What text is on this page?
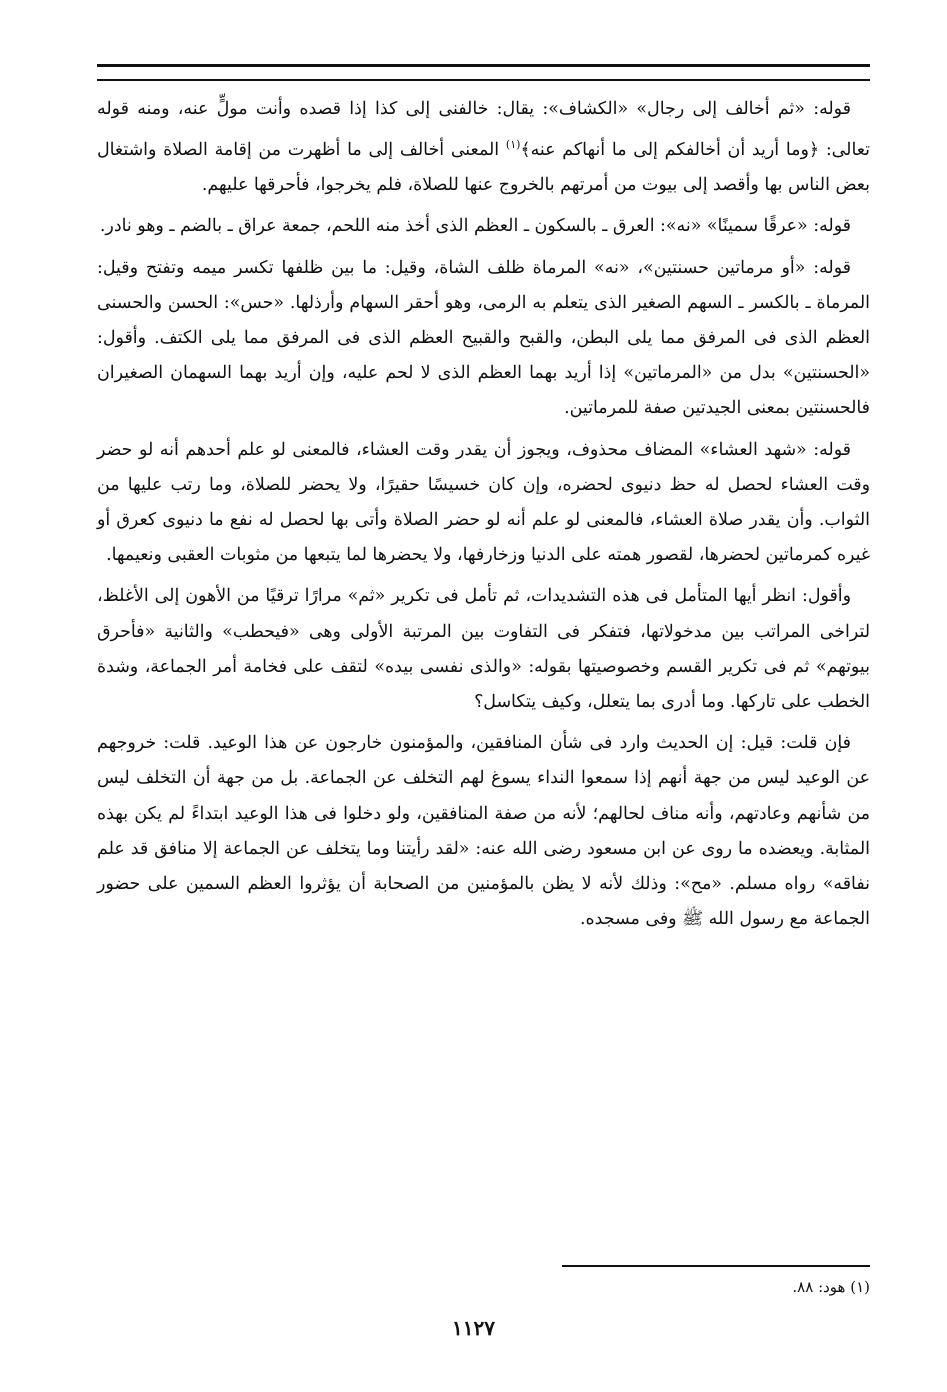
قوله: «ثم أخالف إلى رجال» «الكشاف»: يقال: خالفنى إلى كذا إذا قصده وأنت مولٍّ عنه، ومنه قوله تعالى: ﴿وما أريد أن أخالفكم إلى ما أنهاكم عنه﴾$^{(١)}$ المعنى أخالف إلى ما أظهرت من إقامة الصلاة واشتغال بعض الناس بها وأقصد إلى بيوت من أمرتهم بالخروج عنها للصلاة، فلم يخرجوا، فأحرقها عليهم.

قوله: «عرقًا سمينًا» «نه»: العرق ـ بالسكون ـ العظم الذى أخذ منه اللحم، جمعة عراق ـ بالضم ـ وهو نادر.

قوله: «أو مرماتين حسنتين»، «نه» المرماة ظلف الشاة، وقيل: ما بين ظلفها تكسر ميمه وتفتح وقيل: المرماة ـ بالكسر ـ السهم الصغير الذى يتعلم به الرمى، وهو أحقر السهام وأرذلها. «حس»: الحسن والحسنى العظم الذى فى المرفق مما يلى البطن، والقبح والقبيح العظم الذى فى المرفق مما يلى الكتف. وأقول: «الحسنتين» بدل من «المرماتين» إذا أريد بهما العظم الذى لا لحم عليه، وإن أريد بهما السهمان الصغيران فالحسنتين بمعنى الجيدتين صفة للمرماتين.

قوله: «شهد العشاء» المضاف محذوف، ويجوز أن يقدر وقت العشاء، فالمعنى لو علم أحدهم أنه لو حضر وقت العشاء لحصل له حظ دنيوى لحضره، وإن كان خسيسًا حقيرًا، ولا يحضر للصلاة، وما رتب عليها من الثواب. وأن يقدر صلاة العشاء، فالمعنى لو علم أنه لو حضر الصلاة وأتى بها لحصل له نفع ما دنيوى كعرق أو غيره كمرماتين لحضرها، لقصور همته على الدنيا وزخارفها، ولا يحضرها لما يتبعها من مثوبات العقبى ونعيمها.

وأقول: انظر أيها المتأمل فى هذه التشديدات، ثم تأمل فى تكرير «ثم» مرارًا ترقيًا من الأهون إلى الأغلظ، لتراخى المراتب بين مدخولاتها، فتفكر فى التفاوت بين المرتبة الأولى وهى «فيحطب» والثانية «فأحرق بيوتهم» ثم فى تكرير القسم وخصوصيتها بقوله: «والذى نفسى بيده» لتقف على فخامة أمر الجماعة، وشدة الخطب على تاركها. وما أدرى بما يتعلل، وكيف يتكاسل؟

فإن قلت: قيل: إن الحديث وارد فى شأن المنافقين، والمؤمنون خارجون عن هذا الوعيد. قلت: خروجهم عن الوعيد ليس من جهة أنهم إذا سمعوا النداء يسوغ لهم التخلف عن الجماعة. بل من جهة أن التخلف ليس من شأنهم وعادتهم، وأنه مناف لحالهم؛ لأنه من صفة المنافقين، ولو دخلوا فى هذا الوعيد ابتداءً لم يكن بهذه المثابة. ويعضده ما روى عن ابن مسعود رضى الله عنه: «لقد رأيتنا وما يتخلف عن الجماعة إلا منافق قد علم نفاقه» رواه مسلم. «مح»: وذلك لأنه لا يظن بالمؤمنين من الصحابة أن يؤثروا العظم السمين على حضور الجماعة مع رسول الله ﷺ وفى مسجده.

(١) هود: ٨٨.
١١٢٧
